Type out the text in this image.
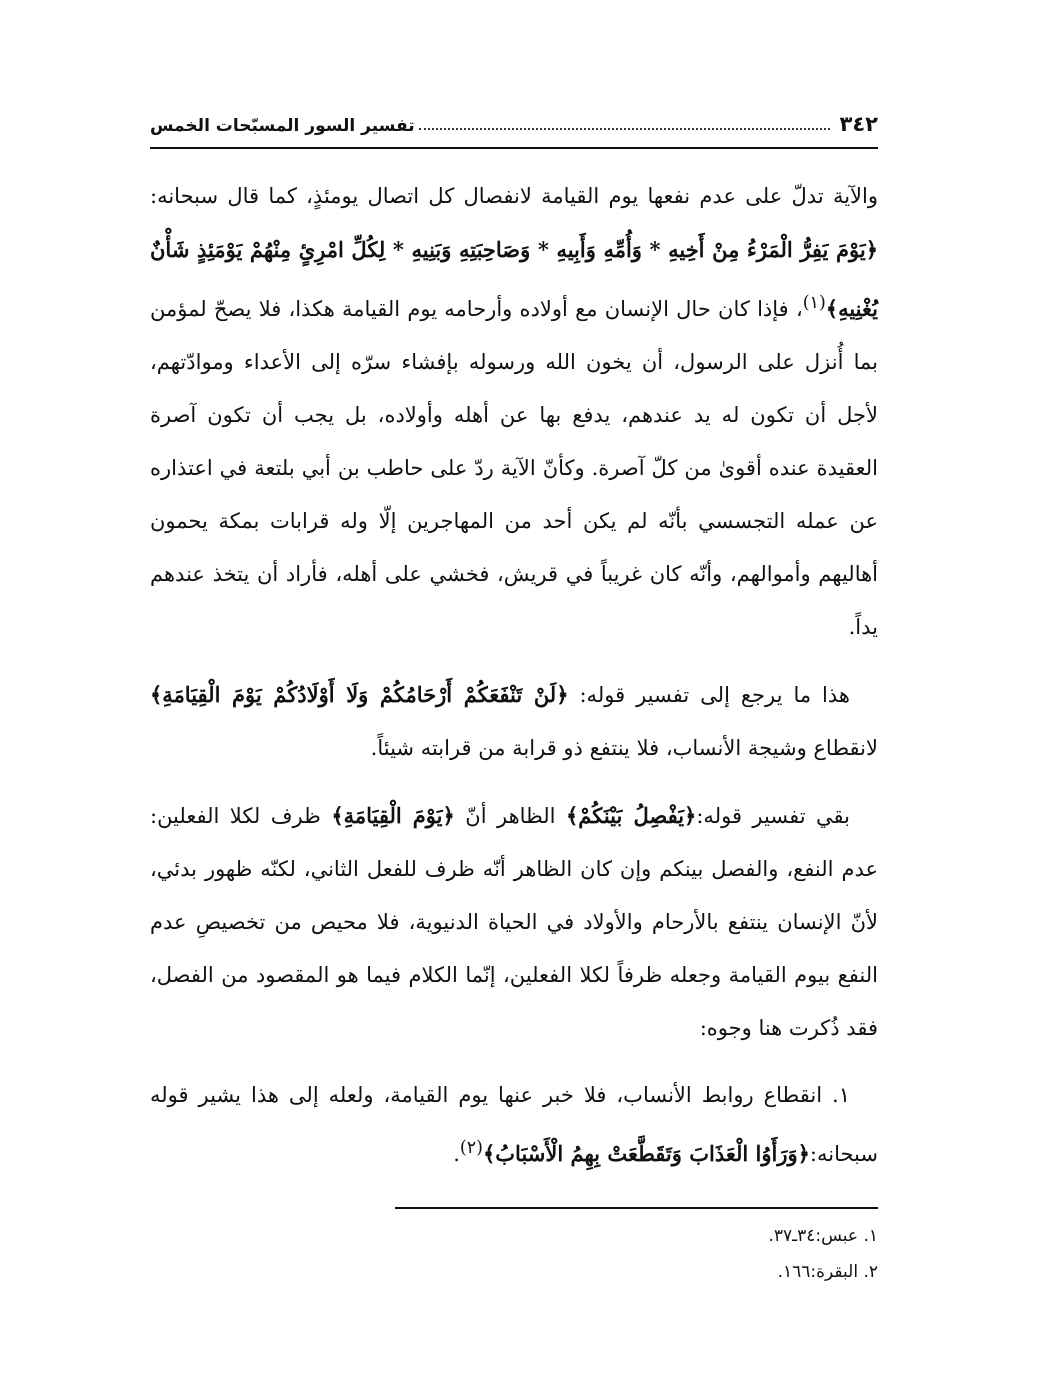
٣٤٢
تفسير السور المسبّحات الخمس

والآية تدلّ على عدم نفعها يوم القيامة لانفصال كل اتصال يومئذٍ، كما قال سبحانه:﴿يَوْمَ يَفِرُّ الْمَرْءُ مِنْ أَخِيهِ * وَأُمِّهِ وَأَبِيهِ * وَصَاحِبَتِهِ وَبَنِيهِ * لِكُلِّ امْرِئٍ مِنْهُمْ يَوْمَئِذٍ شَأْنٌ يُغْنِيهِ﴾$^{(١)}$، فإذا كان حال الإنسان مع أولاده وأرحامه يوم القيامة هكذا، فلا يصحّ لمؤمن بما أُنزل على الرسول، أن يخون الله ورسوله بإفشاء سرّه إلى الأعداء وموادّتهم، لأجل أن تكون له يد عندهم، يدفع بها عن أهله وأولاده، بل يجب أن تكون آصرة العقيدة عنده أقوىٰ من كلّ آصرة. وكأنّ الآية ردّ على حاطب بن أبي بلتعة في اعتذاره عن عمله التجسسي بأنّه لم يكن أحد من المهاجرين إلّا وله قرابات بمكة يحمون أهاليهم وأموالهم، وأنّه كان غريباً في قريش، فخشي على أهله، فأراد أن يتخذ عندهم يداً.

هذا ما يرجع إلى تفسير قوله: ﴿لَنْ تَنْفَعَكُمْ أَرْحَامُكُمْ وَلَا أَوْلَادُكُمْ يَوْمَ الْقِيَامَةِ﴾ لانقطاع وشيجة الأنساب، فلا ينتفع ذو قرابة من قرابته شيئاً.

بقي تفسير قوله:﴿يَفْصِلُ بَيْنَكُمْ﴾ الظاهر أنّ ﴿يَوْمَ الْقِيَامَةِ﴾ ظرف لكلا الفعلين: عدم النفع، والفصل بينكم وإن كان الظاهر أنّه ظرف للفعل الثاني، لكنّه ظهور بدئي، لأنّ الإنسان ينتفع بالأرحام والأولاد في الحياة الدنيوية، فلا محيص من تخصيصِ عدم النفع بيوم القيامة وجعله ظرفاً لكلا الفعلين، إنّما الكلام فيما هو المقصود من الفصل، فقد ذُكرت هنا وجوه:

١. انقطاع روابط الأنساب، فلا خبر عنها يوم القيامة، ولعله إلى هذا يشير قوله سبحانه:﴿وَرَأَوُا الْعَذَابَ وَتَقَطَّعَتْ بِهِمُ الْأَسْبَابُ﴾$^{(٢)}$.

١. عبس:٣٤ـ٣٧.

٢. البقرة:١٦٦.
